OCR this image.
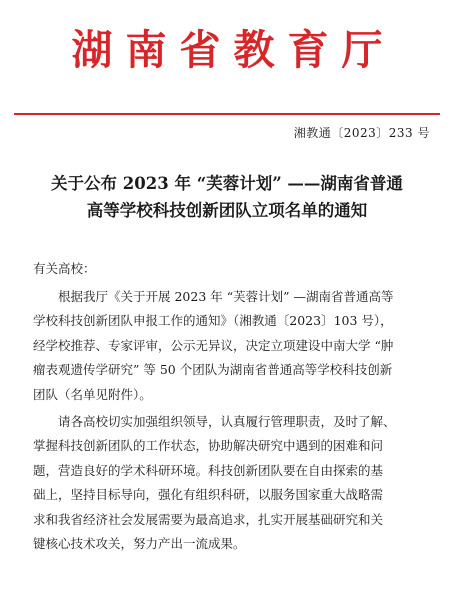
湖南省教育厅
湘教通〔2023〕233 号
关于公布 2023 年 “芙蓉计划” ——湖南省普通
高等学校科技创新团队立项名单的通知
有关高校：
根据我厅《关于开展 2023 年 “芙蓉计划” —湖南省普通高等
学校科技创新团队申报工作的通知》（湘教通〔2023〕103 号），
经学校推荐、专家评审，公示无异议，决定立项建设中南大学 “肿
瘤表观遗传学研究” 等 50 个团队为湖南省普通高等学校科技创新
团队（名单见附件）。
请各高校切实加强组织领导，认真履行管理职责，及时了解、
掌握科技创新团队的工作状态，协助解决研究中遇到的困难和问
题，营造良好的学术科研环境。科技创新团队要在自由探索的基
础上，坚持目标导向，强化有组织科研，以服务国家重大战略需
求和我省经济社会发展需要为最高追求，扎实开展基础研究和关
键核心技术攻关，努力产出一流成果。
